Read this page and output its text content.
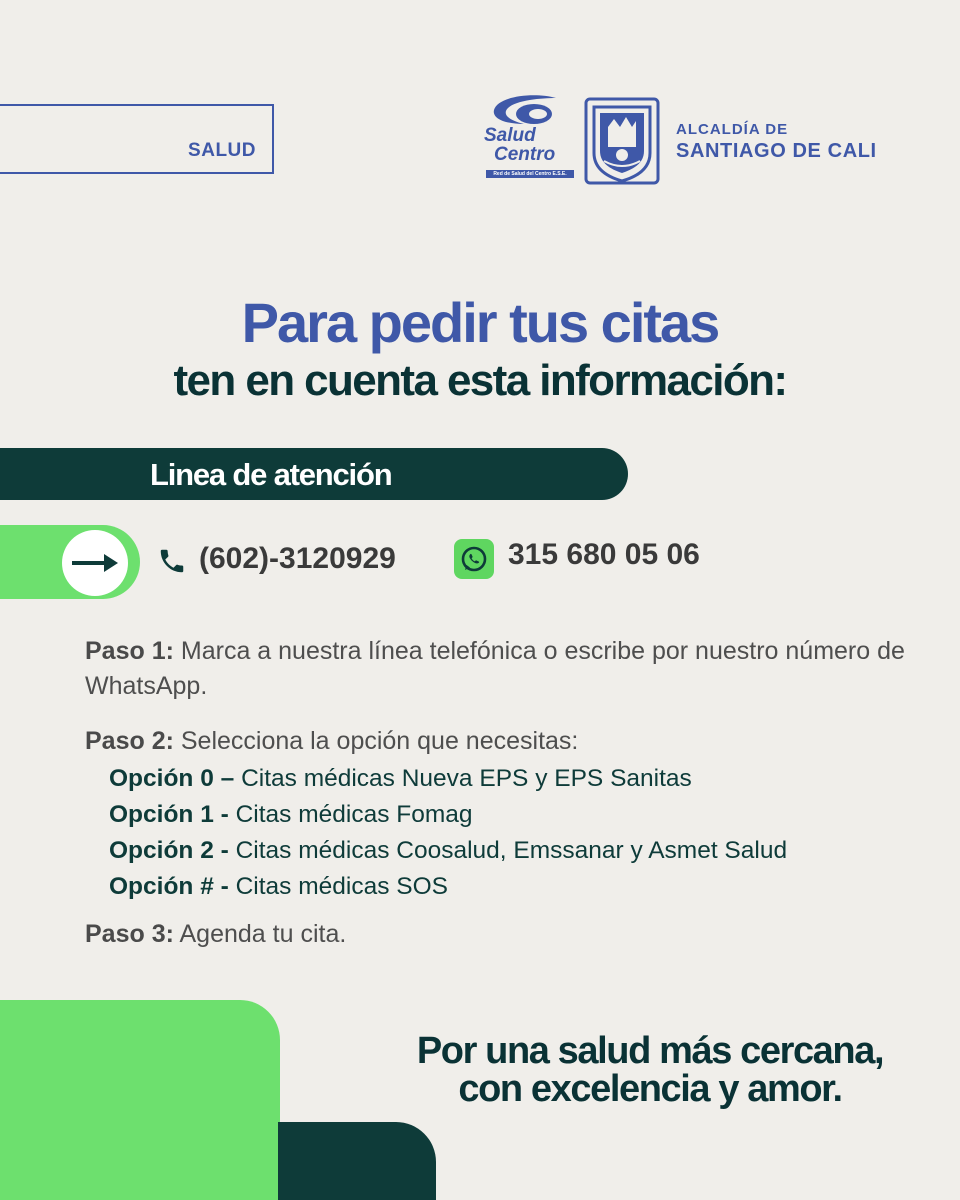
SALUD
Salud
Centro
Red de Salud del Centro E.S.E.
ALCALDÍA DE
SANTIAGO DE CALI
Para pedir tus citas
ten en cuenta esta información:
Linea de atención
(602)-3120929	315 680 05 06

Paso 1: Marca a nuestra línea telefónica o escribe por nuestro número de WhatsApp.

Paso 2: Selecciona la opción que necesitas:

Opción 0 – Citas médicas Nueva EPS y EPS Sanitas

Opción 1 - Citas médicas Fomag

Opción 2 - Citas médicas Coosalud, Emssanar y Asmet Salud

Opción # - Citas médicas SOS

Paso 3: Agenda tu cita.

Por una salud más cercana,
con excelencia y amor.
